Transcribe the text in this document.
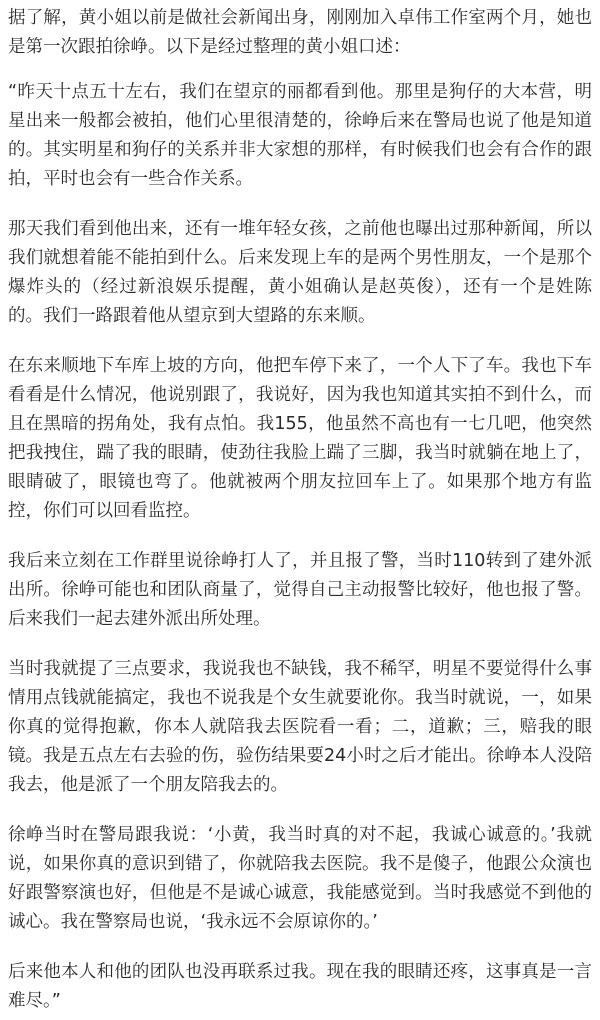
据了解，黄小姐以前是做社会新闻出身，刚刚加入卓伟工作室两个月，她也是第一次跟拍徐峥。以下是经过整理的黄小姐口述：

“昨天十点五十左右，我们在望京的丽都看到他。那里是狗仔的大本营，明星出来一般都会被拍，他们心里很清楚的，徐峥后来在警局也说了他是知道的。其实明星和狗仔的关系并非大家想的那样，有时候我们也会有合作的跟拍，平时也会有一些合作关系。

那天我们看到他出来，还有一堆年轻女孩，之前他也曝出过那种新闻，所以我们就想着能不能拍到什么。后来发现上车的是两个男性朋友，一个是那个爆炸头的（经过新浪娱乐提醒，黄小姐确认是赵英俊），还有一个是姓陈的。我们一路跟着他从望京到大望路的东来顺。

在东来顺地下车库上坡的方向，他把车停下来了，一个人下了车。我也下车看看是什么情况，他说别跟了，我说好，因为我也知道其实拍不到什么，而且在黑暗的拐角处，我有点怕。我155，他虽然不高也有一七几吧，他突然把我拽住，踹了我的眼睛，使劲往我脸上踹了三脚，我当时就躺在地上了，眼睛破了，眼镜也弯了。他就被两个朋友拉回车上了。如果那个地方有监控，你们可以回看监控。

我后来立刻在工作群里说徐峥打人了，并且报了警，当时110转到了建外派出所。徐峥可能也和团队商量了，觉得自己主动报警比较好，他也报了警。后来我们一起去建外派出所处理。

当时我就提了三点要求，我说我也不缺钱，我不稀罕，明星不要觉得什么事情用点钱就能搞定，我也不说我是个女生就要讹你。我当时就说，一，如果你真的觉得抱歉，你本人就陪我去医院看一看；二，道歉；三，赔我的眼镜。我是五点左右去验的伤，验伤结果要24小时之后才能出。徐峥本人没陪我去，他是派了一个朋友陪我去的。

徐峥当时在警局跟我说：‘小黄，我当时真的对不起，我诚心诚意的。’我就说，如果你真的意识到错了，你就陪我去医院。我不是傻子，他跟公众演也好跟警察演也好，但他是不是诚心诚意，我能感觉到。当时我感觉不到他的诚心。我在警察局也说，‘我永远不会原谅你的。’

后来他本人和他的团队也没再联系过我。现在我的眼睛还疼，这事真是一言难尽。”
